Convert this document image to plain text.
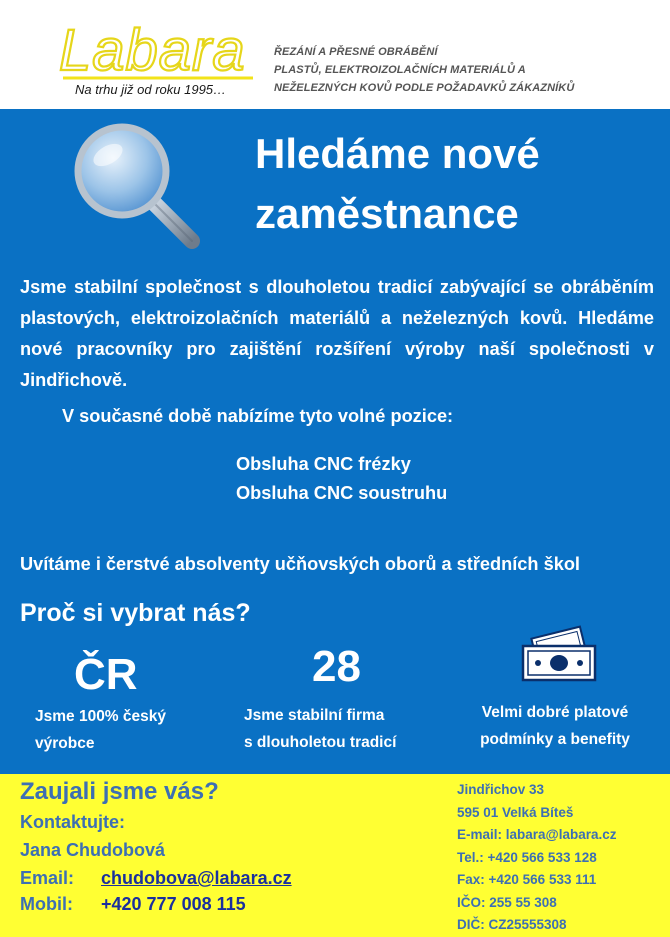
Labara
Na trhu již od roku 1995…
ŘEZÁNÍ A PŘESNÉ OBRÁBĚNÍ
PLASTŮ, ELEKTROIZOLAČNÍCH MATERIÁLŮ A
NEŽELEZNÝCH KOVŮ PODLE POŽADAVKŮ ZÁKAZNÍKŮ
Hledáme nové
zaměstnance
Jsme stabilní společnost s dlouholetou tradicí zabývající se obráběním plastových, elektroizolačních materiálů a neželezných kovů. Hledáme nové pracovníky pro zajištění rozšíření výroby naší společnosti v Jindřichově.
V současné době nabízíme tyto volné pozice:
Obsluha CNC frézky
Obsluha CNC soustruhu
Uvítáme i čerstvé absolventy učňovských oborů a středních škol
Proč si vybrat nás?
ČR	28
Jsme 100% český
výrobce
Jsme stabilní firma
s dlouholetou tradicí
Velmi dobré platové
podmínky a benefity
Zaujali jsme vás?
Kontaktujte:
Jana Chudobová
Email: chudobova@labara.cz
Mobil: +420 777 008 115
Jindřichov 33
595 01 Velká Bíteš
E-mail: labara@labara.cz
Tel.: +420 566 533 128
Fax: +420 566 533 111
IČO: 255 55 308
DIČ: CZ25555308
